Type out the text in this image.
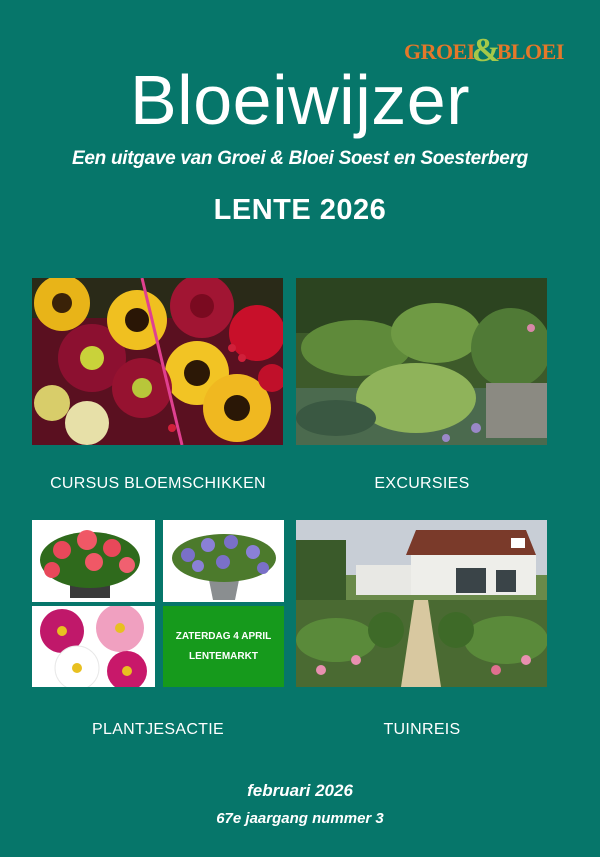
GROEI&BLOEI
Bloeiwijzer
Een uitgave van Groei & Bloei Soest en Soesterberg
LENTE 2026
CURSUS BLOEMSCHIKKEN	EXCURSIES
ZATERDAG 4 APRIL
LENTEMARKT
PLANTJESACTIE	TUINREIS
februari 2026
67e jaargang nummer 3
